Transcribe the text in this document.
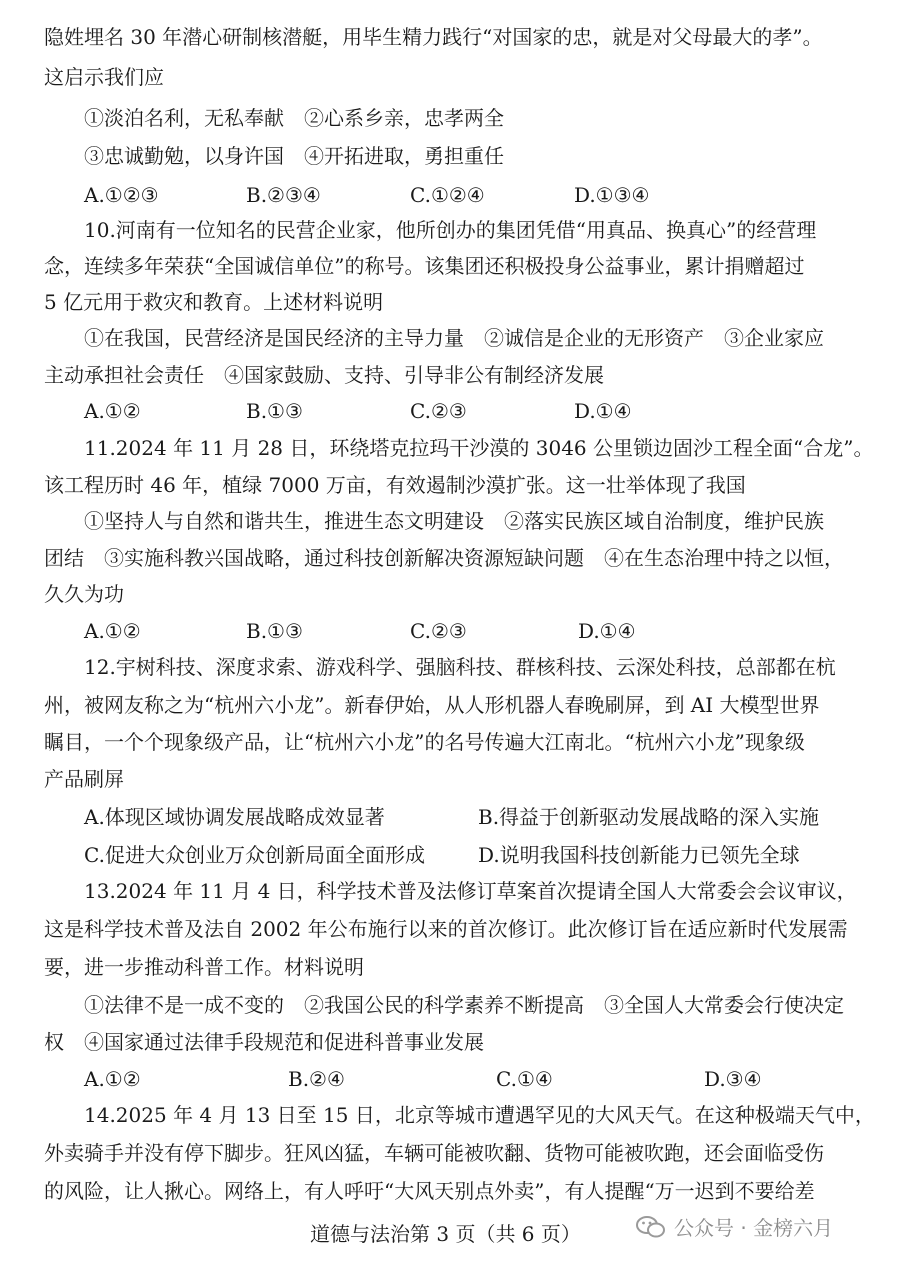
隐姓埋名 30 年潜心研制核潜艇，用毕生精力践行“对国家的忠，就是对父母最大的孝”。
这启示我们应
①淡泊名利，无私奉献　②心系乡亲，忠孝两全
③忠诚勤勉，以身许国　④开拓进取，勇担重任
A.①②③	B.②③④	C.①②④	D.①③④
10.河南有一位知名的民营企业家，他所创办的集团凭借“用真品、换真心”的经营理
念，连续多年荣获“全国诚信单位”的称号。该集团还积极投身公益事业，累计捐赠超过
5 亿元用于救灾和教育。上述材料说明
①在我国，民营经济是国民经济的主导力量　②诚信是企业的无形资产　③企业家应
主动承担社会责任　④国家鼓励、支持、引导非公有制经济发展
A.①②	B.①③	C.②③	D.①④
11.2024 年 11 月 28 日，环绕塔克拉玛干沙漠的 3046 公里锁边固沙工程全面“合龙”。
该工程历时 46 年，植绿 7000 万亩，有效遏制沙漠扩张。这一壮举体现了我国
①坚持人与自然和谐共生，推进生态文明建设　②落实民族区域自治制度，维护民族
团结　③实施科教兴国战略，通过科技创新解决资源短缺问题　④在生态治理中持之以恒，
久久为功
A.①②	B.①③	C.②③	D.①④
12.宇树科技、深度求索、游戏科学、强脑科技、群核科技、云深处科技，总部都在杭
州，被网友称之为“杭州六小龙”。新春伊始，从人形机器人春晚刷屏，到 AI 大模型世界
瞩目，一个个现象级产品，让“杭州六小龙”的名号传遍大江南北。“杭州六小龙”现象级
产品刷屏
A.体现区域协调发展战略成效显著	B.得益于创新驱动发展战略的深入实施
C.促进大众创业万众创新局面全面形成	D.说明我国科技创新能力已领先全球
13.2024 年 11 月 4 日，科学技术普及法修订草案首次提请全国人大常委会会议审议，
这是科学技术普及法自 2002 年公布施行以来的首次修订。此次修订旨在适应新时代发展需
要，进一步推动科普工作。材料说明
①法律不是一成不变的　②我国公民的科学素养不断提高　③全国人大常委会行使决定
权　④国家通过法律手段规范和促进科普事业发展
A.①②	B.②④	C.①④	D.③④
14.2025 年 4 月 13 日至 15 日，北京等城市遭遇罕见的大风天气。在这种极端天气中，
外卖骑手并没有停下脚步。狂风凶猛，车辆可能被吹翻、货物可能被吹跑，还会面临受伤
的风险，让人揪心。网络上，有人呼吁“大风天别点外卖”，有人提醒“万一迟到不要给差
道德与法治第 3 页（共 6 页）	公众号 · 金榜六月
